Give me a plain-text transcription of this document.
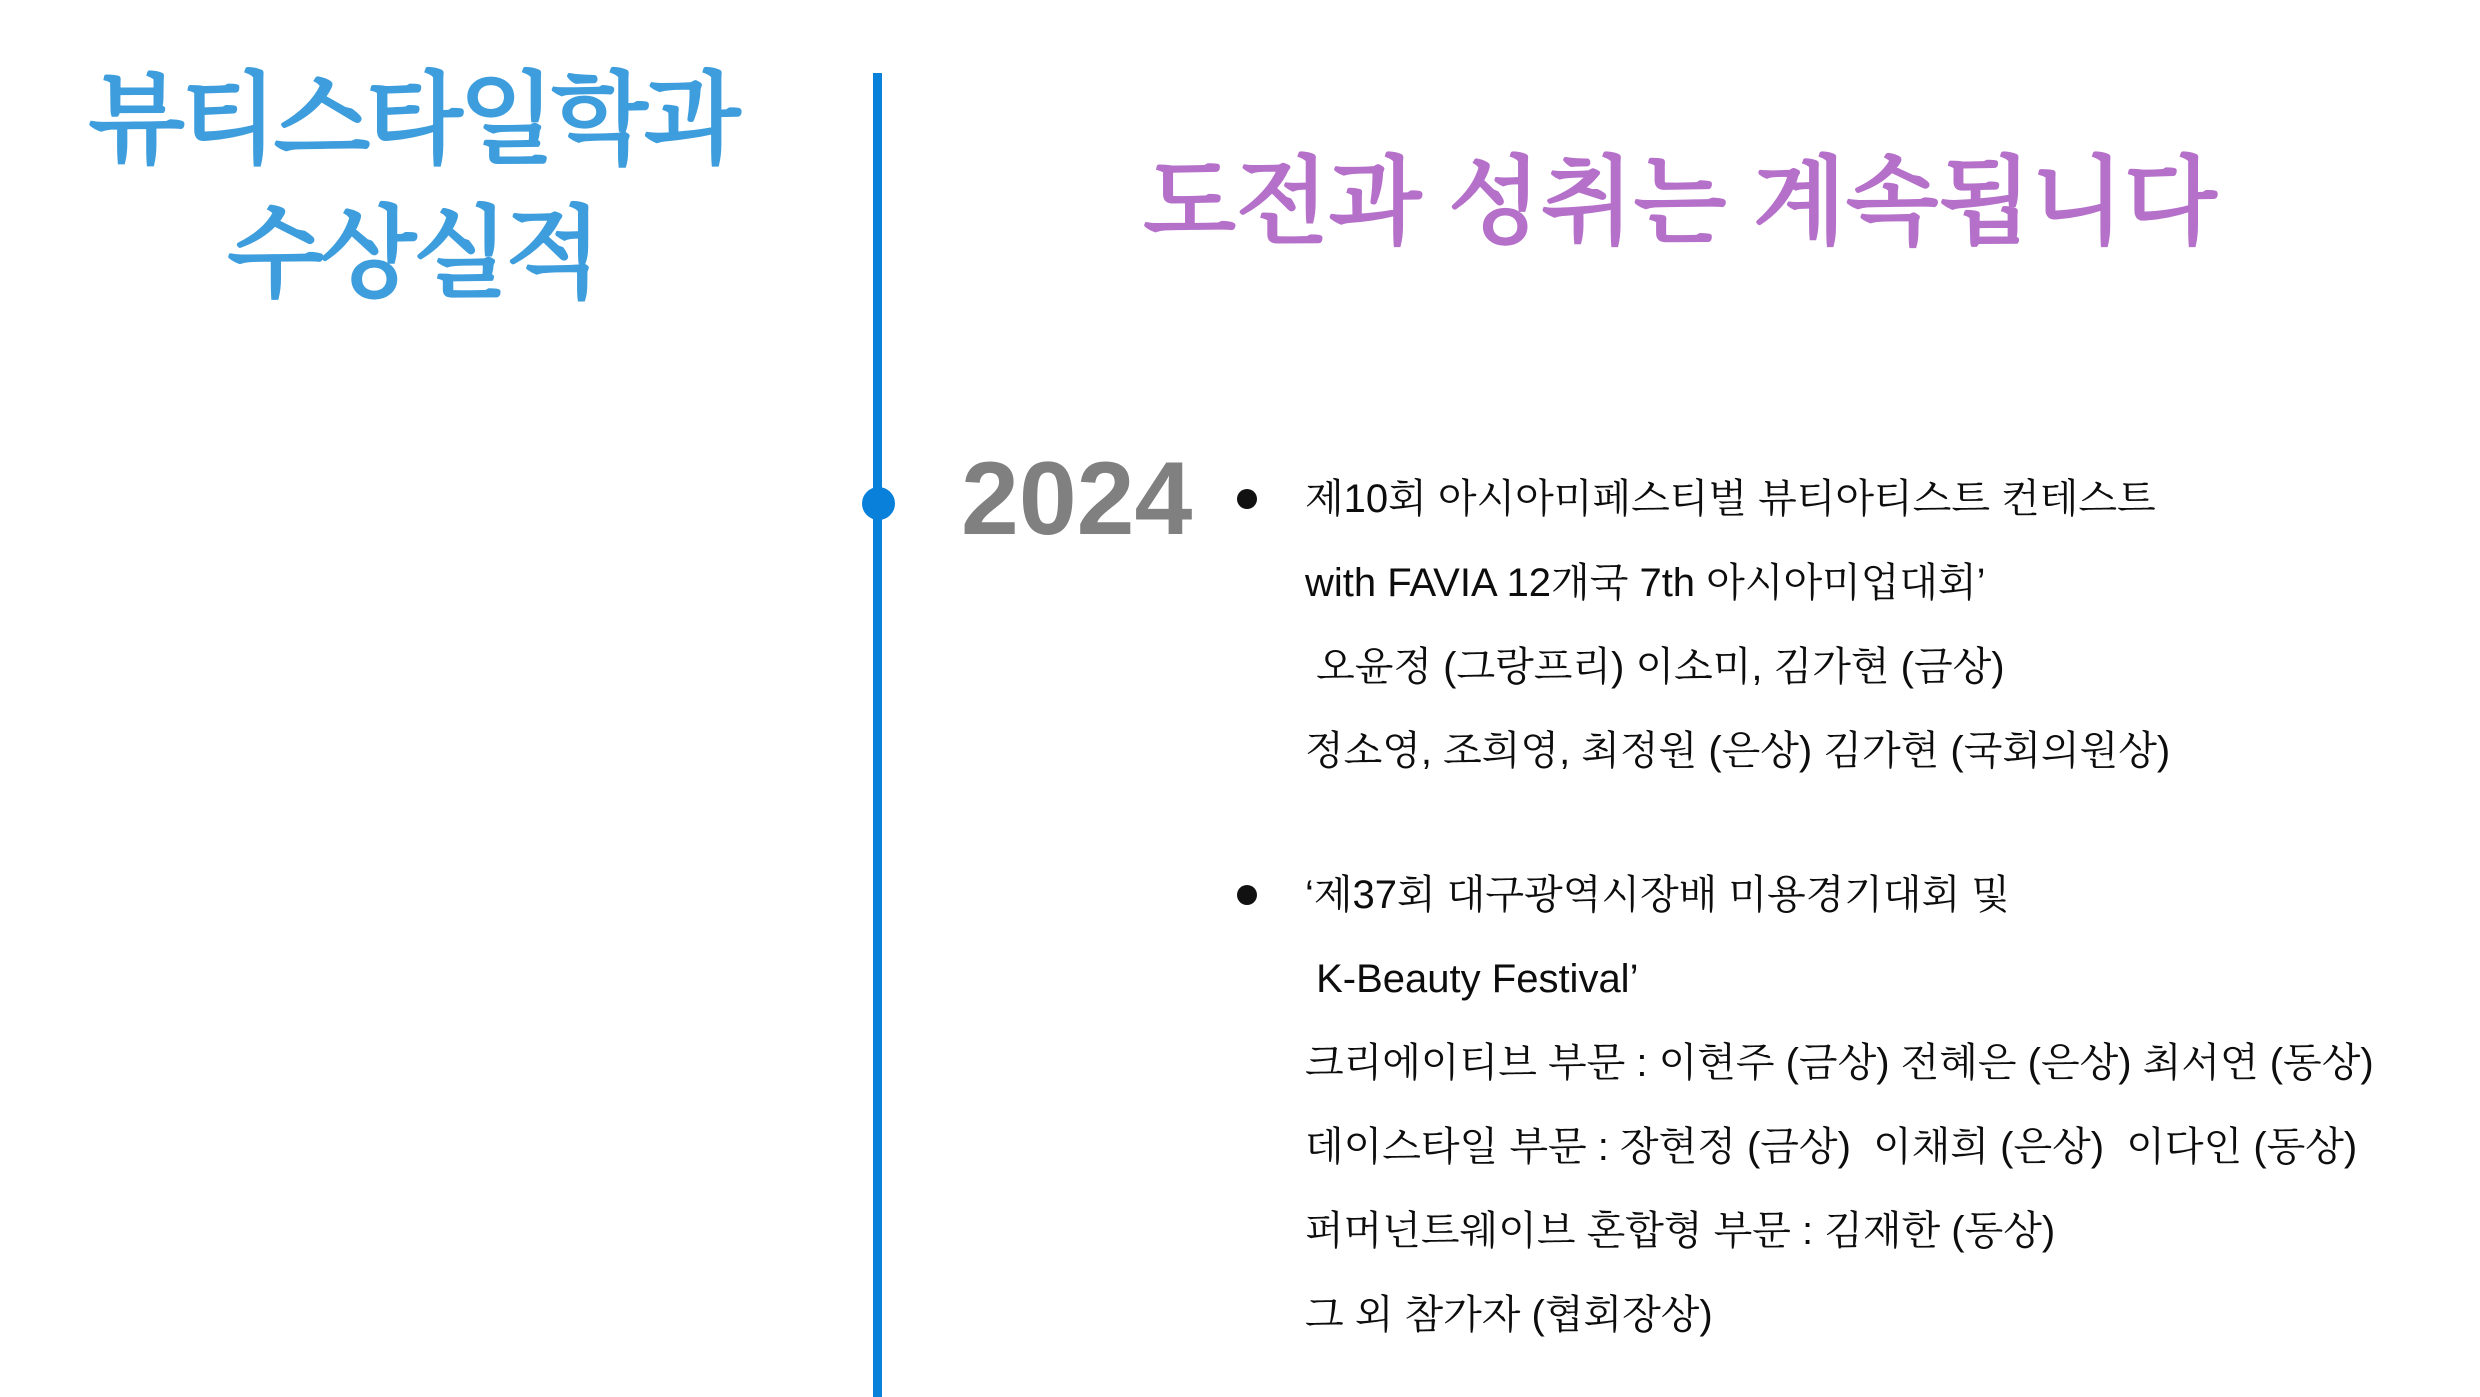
뷰티스타일학과
수상실적	도전과 성취는 계속됩니다
2024	제10회 아시아미페스티벌 뷰티아티스트 컨테스트
with FAVIA 12개국 7th 아시아미업대회’
오윤정 (그랑프리) 이소미, 김가현 (금상)
정소영, 조희영, 최정원 (은상) 김가현 (국회의원상)
‘제37회 대구광역시장배 미용경기대회 및
K-Beauty Festival’
크리에이티브 부문 : 이현주 (금상) 전혜은 (은상) 최서연 (동상)
데이스타일 부문 : 장현정 (금상)  이채희 (은상)  이다인 (동상)
퍼머넌트웨이브 혼합형 부문 : 김재한 (동상)
그 외 참가자 (협회장상)
